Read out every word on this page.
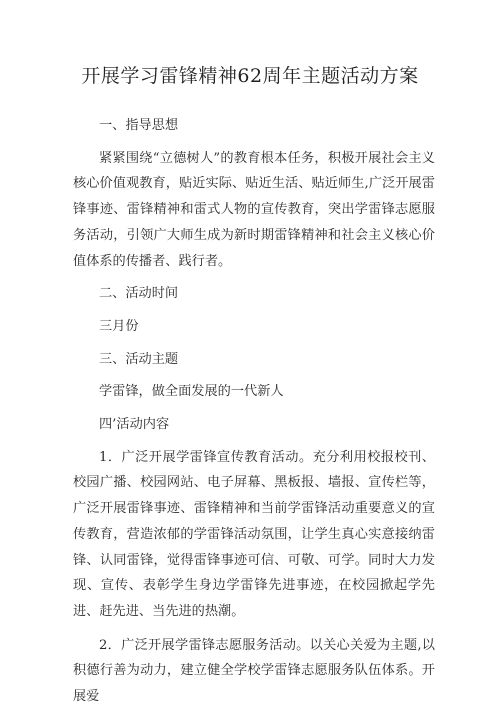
开展学习雷锋精神62周年主题活动方案

一、指导思想

紧紧围绕“立德树人”的教育根本任务，积极开展社会主义核心价值观教育，贴近实际、贴近生活、贴近师生,广泛开展雷锋事迹、雷锋精神和雷式人物的宣传教育，突出学雷锋志愿服务活动，引领广大师生成为新时期雷锋精神和社会主义核心价值体系的传播者、践行者。

二、活动时间

三月份

三、活动主题

学雷锋，做全面发展的一代新人

四’活动内容

1．广泛开展学雷锋宣传教育活动。充分利用校报校刊、校园广播、校园网站、电子屏幕、黑板报、墙报、宣传栏等，广泛开展雷锋事迹、雷锋精神和当前学雷锋活动重要意义的宣传教育，营造浓郁的学雷锋活动氛围，让学生真心实意接纳雷锋、认同雷锋，觉得雷锋事迹可信、可敬、可学。同时大力发现、宣传、表彰学生身边学雷锋先进事迹，在校园掀起学先进、赶先进、当先进的热潮。

2．广泛开展学雷锋志愿服务活动。以关心关爱为主题,以积德行善为动力，建立健全学校学雷锋志愿服务队伍体系。开展爱
